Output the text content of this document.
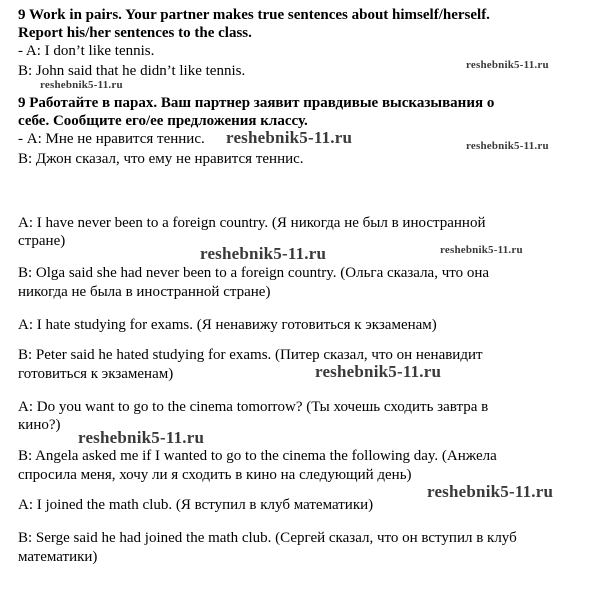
9 Work in pairs. Your partner makes true sentences about himself/herself.
Report his/her sentences to the class.
- A: I don’t like tennis.
B: John said that he didn’t like tennis.
9 Работайте в парах. Ваш партнер заявит правдивые высказывания о
себе. Сообщите его/ее предложения классу.
- А: Мне не нравится теннис.
В: Джон сказал, что ему не нравится теннис.
A: I have never been to a foreign country. (Я никогда не был в иностранной
стране)
B: Olga said she had never been to a foreign country. (Ольга сказала, что она
никогда не была в иностранной стране)
A: I hate studying for exams. (Я ненавижу готовиться к экзаменам)
B: Peter said he hated studying for exams. (Питер сказал, что он ненавидит
готовиться к экзаменам)
A: Do you want to go to the cinema tomorrow? (Ты хочешь сходить завтра в
кино?)
B: Angela asked me if I wanted to go to the cinema the following day. (Анжела
спросила меня, хочу ли я сходить в кино на следующий день)
A: I joined the math club. (Я вступил в клуб математики)
B: Serge said he had joined the math club. (Сергей сказал, что он вступил в клуб
математики)
reshebnik5-11.ru
reshebnik5-11.ru
reshebnik5-11.ru	reshebnik5-11.ru
reshebnik5-11.ru	reshebnik5-11.ru
reshebnik5-11.ru
reshebnik5-11.ru
reshebnik5-11.ru
